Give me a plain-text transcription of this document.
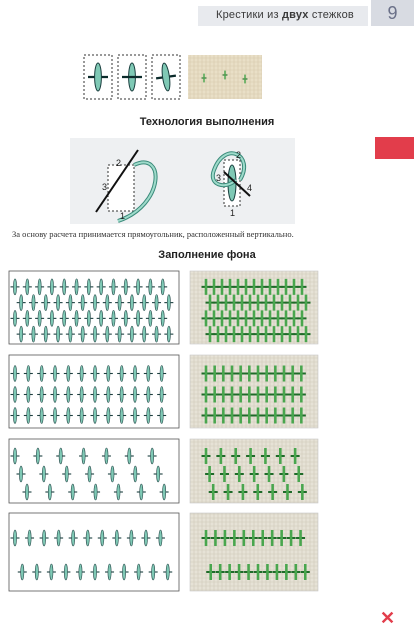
Крестики из двух стежков	9
2
3
1
3
2
1
4
Технология выполнения
За основу расчета принимается прямоугольник, расположенный вертикально.
Заполнение фона
✕
